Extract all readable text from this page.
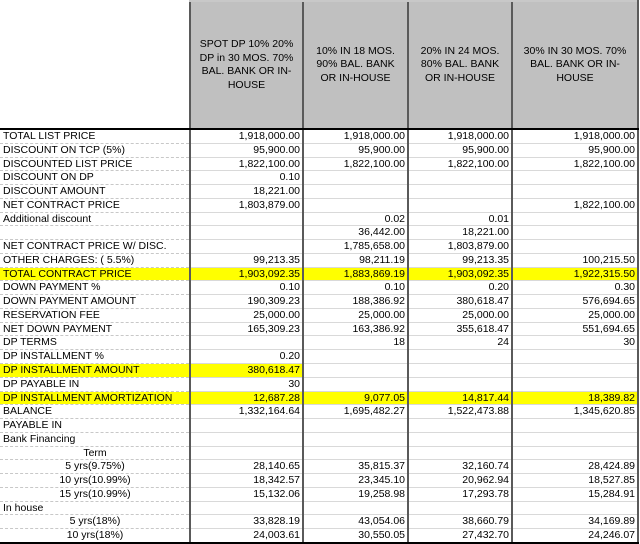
	SPOT DP 10% 20% DP in 30 MOS. 70% BAL. BANK OR IN-HOUSE	10% IN 18 MOS. 90% BAL. BANK OR IN-HOUSE	20% IN 24 MOS. 80% BAL. BANK OR IN-HOUSE	30% IN 30 MOS. 70% BAL. BANK OR IN-HOUSE
TOTAL LIST PRICE	1,918,000.00	1,918,000.00	1,918,000.00	1,918,000.00
DISCOUNT ON TCP (5%)	95,900.00	95,900.00	95,900.00	95,900.00
DISCOUNTED LIST PRICE	1,822,100.00	1,822,100.00	1,822,100.00	1,822,100.00
DISCOUNT ON DP	0.10			
DISCOUNT AMOUNT	18,221.00			
NET CONTRACT PRICE	1,803,879.00			1,822,100.00
Additional discount		0.02	0.01	
		36,442.00	18,221.00	
NET CONTRACT PRICE W/ DISC.		1,785,658.00	1,803,879.00	
OTHER CHARGES: ( 5.5%)	99,213.35	98,211.19	99,213.35	100,215.50
TOTAL CONTRACT PRICE	1,903,092.35	1,883,869.19	1,903,092.35	1,922,315.50
DOWN PAYMENT %	0.10	0.10	0.20	0.30
DOWN PAYMENT AMOUNT	190,309.23	188,386.92	380,618.47	576,694.65
RESERVATION FEE	25,000.00	25,000.00	25,000.00	25,000.00
NET DOWN PAYMENT	165,309.23	163,386.92	355,618.47	551,694.65
DP TERMS		18	24	30
DP INSTALLMENT %	0.20			
DP INSTALLMENT AMOUNT	380,618.47			
DP PAYABLE IN	30			
DP INSTALLMENT AMORTIZATION	12,687.28	9,077.05	14,817.44	18,389.82
BALANCE	1,332,164.64	1,695,482.27	1,522,473.88	1,345,620.85
PAYABLE IN				
Bank Financing				
Term				
5 yrs(9.75%)	28,140.65	35,815.37	32,160.74	28,424.89
10 yrs(10.99%)	18,342.57	23,345.10	20,962.94	18,527.85
15 yrs(10.99%)	15,132.06	19,258.98	17,293.78	15,284.91
In house				
5 yrs(18%)	33,828.19	43,054.06	38,660.79	34,169.89
10 yrs(18%)	24,003.61	30,550.05	27,432.70	24,246.07
